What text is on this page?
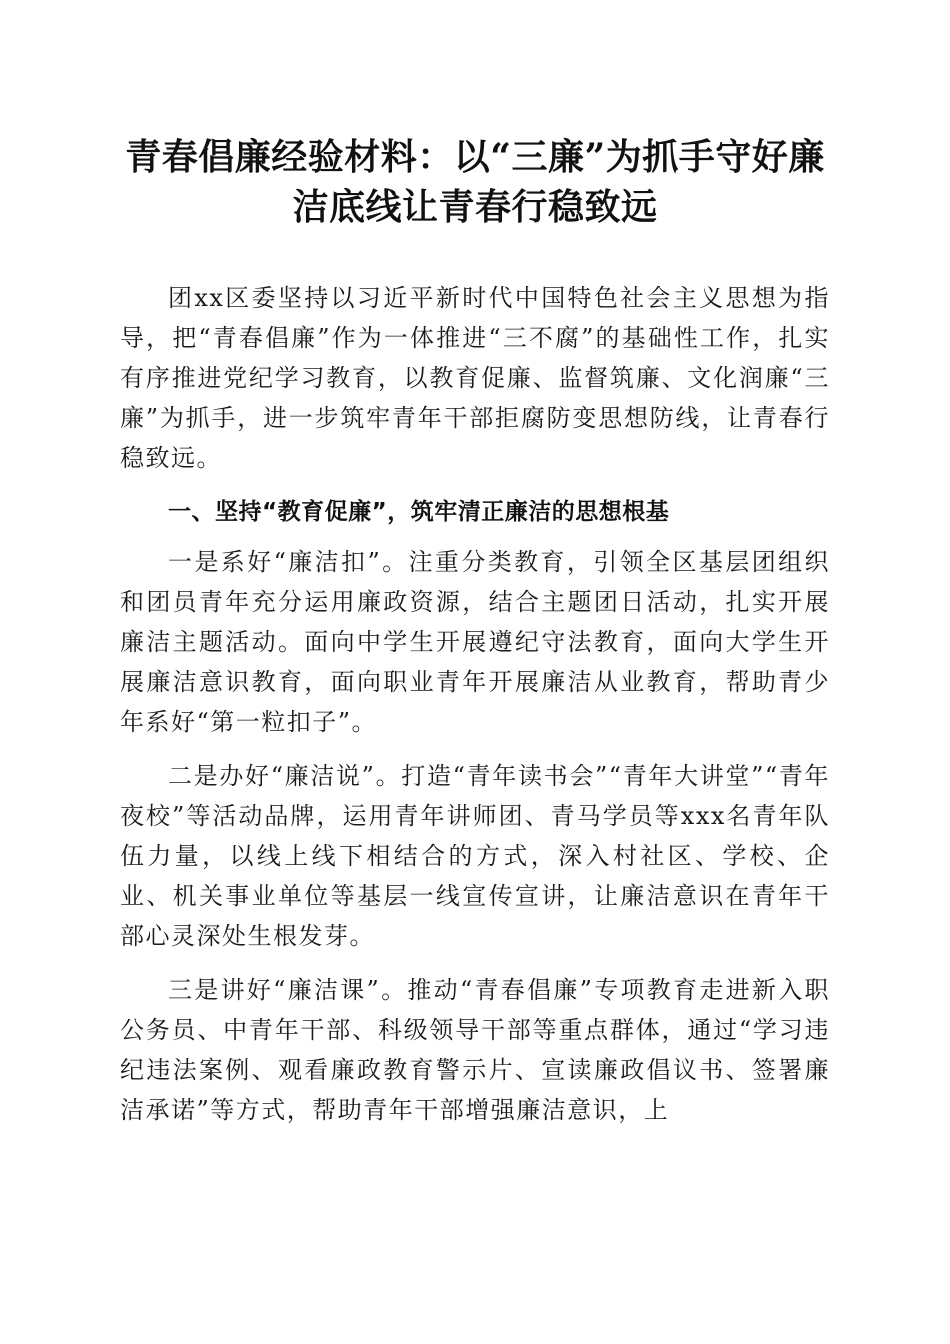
青春倡廉经验材料：以“三廉”为抓手守好廉
洁底线让青春行稳致远

团xx区委坚持以习近平新时代中国特色社会主义思想为指导，把“青春倡廉”作为一体推进“三不腐”的基础性工作，扎实有序推进党纪学习教育，以教育促廉、监督筑廉、文化润廉“三廉”为抓手，进一步筑牢青年干部拒腐防变思想防线，让青春行稳致远。

一、坚持“教育促廉”，筑牢清正廉洁的思想根基

一是系好“廉洁扣”。注重分类教育，引领全区基层团组织和团员青年充分运用廉政资源，结合主题团日活动，扎实开展廉洁主题活动。面向中学生开展遵纪守法教育，面向大学生开展廉洁意识教育，面向职业青年开展廉洁从业教育，帮助青少年系好“第一粒扣子”。

二是办好“廉洁说”。打造“青年读书会”“青年大讲堂”“青年夜校”等活动品牌，运用青年讲师团、青马学员等xxx名青年队伍力量，以线上线下相结合的方式，深入村社区、学校、企业、机关事业单位等基层一线宣传宣讲，让廉洁意识在青年干部心灵深处生根发芽。

三是讲好“廉洁课”。推动“青春倡廉”专项教育走进新入职公务员、中青年干部、科级领导干部等重点群体，通过“学习违纪违法案例、观看廉政教育警示片、宣读廉政倡议书、签署廉洁承诺”等方式，帮助青年干部增强廉洁意识，上
